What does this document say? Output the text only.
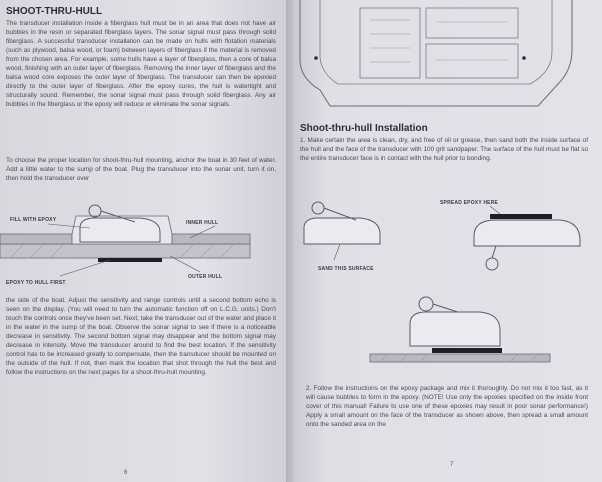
SHOOT-THRU-HULL

The transducer installation inside a fiberglass hull must be in an area that does not have air bubbles in the resin or separated fiberglass layers. The sonar signal must pass through solid fiberglass. A successful transducer installation can be made on hulls with flotation materials (such as plywood, balsa wood, or foam) between layers of fiberglass if the material is removed from the chosen area. For example, some hulls have a layer of fiberglass, then a core of balsa wood, finishing with an outer layer of fiberglass. Removing the inner layer of fiberglass and the balsa wood core exposes the outer layer of fiberglass. The transducer can then be epoxied directly to the outer layer of fiberglass. After the epoxy cures, the hull is watertight and structurally sound. Remember, the sonar signal must pass through solid fiberglass. Any air bubbles in the fiberglass or the epoxy will reduce or eliminate the sonar signals.

To choose the proper location for shoot-thru-hull mounting, anchor the boat in 30 feet of water. Add a little water to the sump of the boat. Plug the transducer into the sonar unit, turn it on, then hold the transducer over

FILL WITH EPOXY	INNER HULL
EPOXY TO HULL FIRST
OUTER HULL

the side of the boat. Adjust the sensitivity and range controls until a second bottom echo is seen on the display. (You will need to turn the automatic function off on L.C.G. units.) Don't touch the controls once they've been set. Next, take the transducer out of the water and place it in the water in the sump of the boat. Observe the sonar signal to see if there is a noticeable decrease in sensitivity. The second bottom signal may disappear and the bottom signal may decrease in intensity. Move the transducer around to find the best location. If the sensitivity control has to be increased greatly to compensate, then the transducer should be mounted on the outside of the hull. If not, then mark the location that shot through the hull the best and follow the instructions on the next pages for a shoot-thru-hull mounting.

6
Shoot-thru-hull Installation

1. Make certain the area is clean, dry, and free of oil or grease, then sand both the inside surface of the hull and the face of the transducer with 100 grit sandpaper. The surface of the hull must be flat so the entire transducer face is in contact with the hull prior to bonding.

SAND THIS SURFACE
SPREAD EPOXY HERE

2. Follow the instructions on the epoxy package and mix it thoroughly. Do not mix it too fast, as it will cause bubbles to form in the epoxy. (NOTE! Use only the epoxies specified on the inside front cover of this manual! Failure to use one of these epoxies may result in poor sonar performance!) Apply a small amount on the face of the transducer as shown above, then spread a small amount onto the sanded area on the

7
